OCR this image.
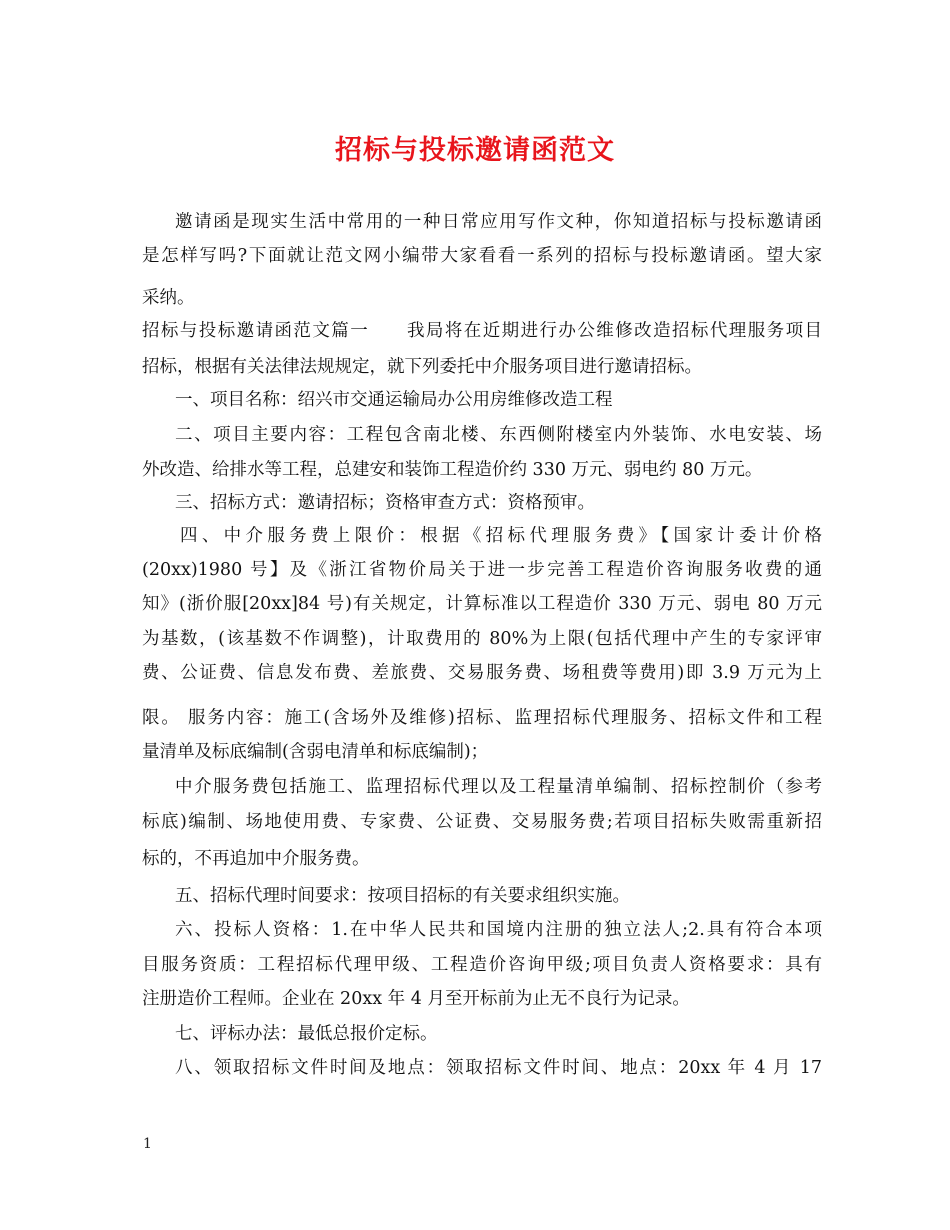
招标与投标邀请函范文
邀请函是现实生活中常用的一种日常应用写作文种，你知道招标与投标邀请函
是怎样写吗?下面就让范文网小编带大家看看一系列的招标与投标邀请函。望大家
采纳。
招标与投标邀请函范文篇一　　我局将在近期进行办公维修改造招标代理服务项目
招标，根据有关法律法规规定，就下列委托中介服务项目进行邀请招标。
一、项目名称：绍兴市交通运输局办公用房维修改造工程
二、项目主要内容：工程包含南北楼、东西侧附楼室内外装饰、水电安装、场
外改造、给排水等工程，总建安和装饰工程造价约 330 万元、弱电约 80 万元。
三、招标方式：邀请招标；资格审查方式：资格预审。
四、中介服务费上限价：根据《招标代理服务费》【国家计委计价格
(20xx)1980 号】及《浙江省物价局关于进一步完善工程造价咨询服务收费的通
知》(浙价服[20xx]84 号)有关规定，计算标准以工程造价 330 万元、弱电 80 万元
为基数，(该基数不作调整)，计取费用的 80%为上限(包括代理中产生的专家评审
费、公证费、信息发布费、差旅费、交易服务费、场租费等费用)即 3.9 万元为上
限。 服务内容：施工(含场外及维修)招标、监理招标代理服务、招标文件和工程
量清单及标底编制(含弱电清单和标底编制)；
中介服务费包括施工、监理招标代理以及工程量清单编制、招标控制价（参考
标底)编制、场地使用费、专家费、公证费、交易服务费;若项目招标失败需重新招
标的，不再追加中介服务费。
五、招标代理时间要求：按项目招标的有关要求组织实施。
六、投标人资格：1.在中华人民共和国境内注册的独立法人;2.具有符合本项
目服务资质：工程招标代理甲级、工程造价咨询甲级;项目负责人资格要求：具有
注册造价工程师。企业在 20xx 年 4 月至开标前为止无不良行为记录。
七、评标办法：最低总报价定标。
八、领取招标文件时间及地点：领取招标文件时间、地点：20xx 年 4 月 17
1
